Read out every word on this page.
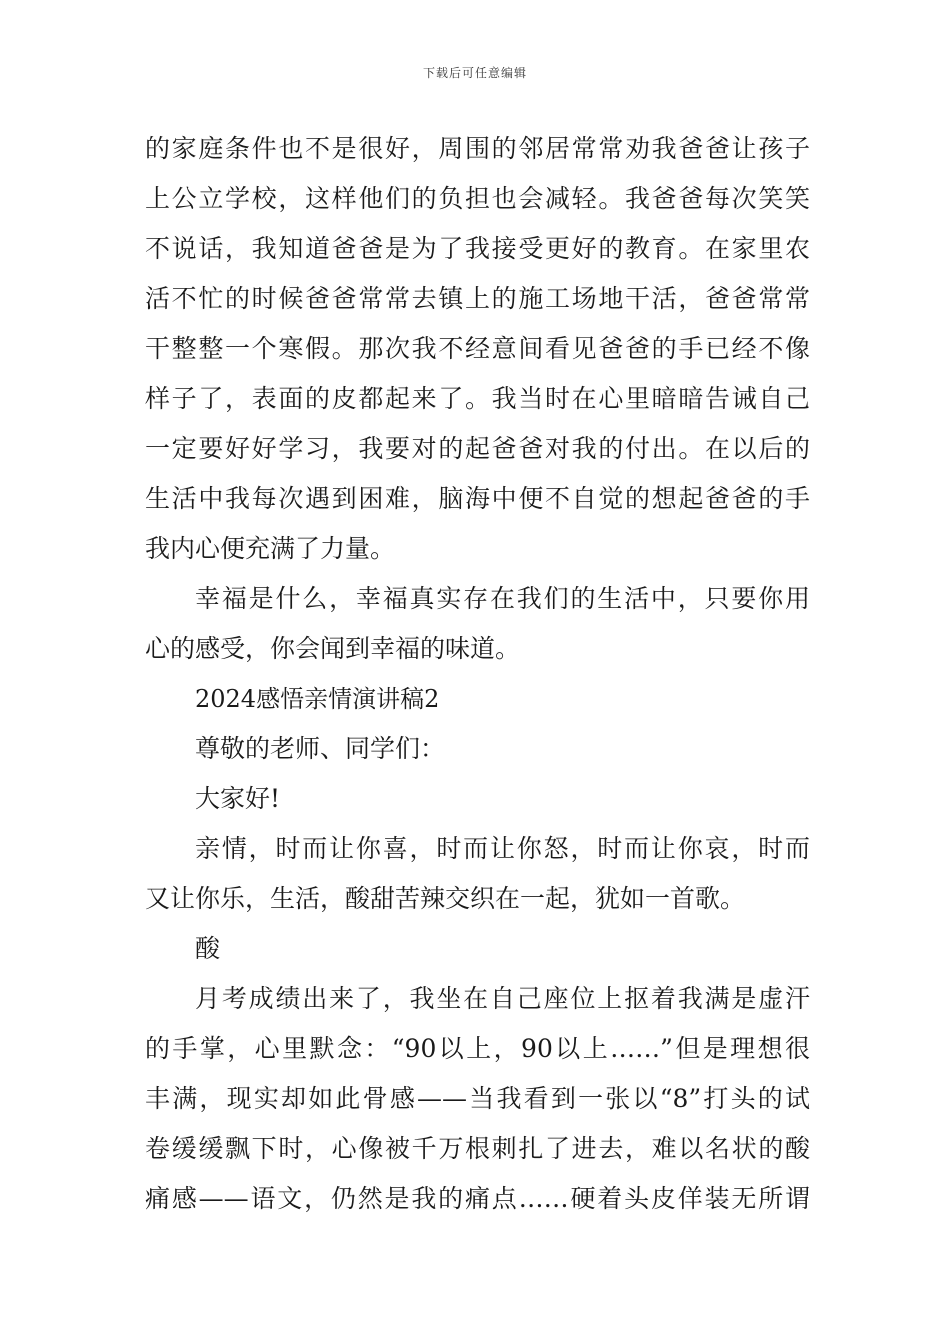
下载后可任意编辑
的家庭条件也不是很好，周围的邻居常常劝我爸爸让孩子
上公立学校，这样他们的负担也会减轻。我爸爸每次笑笑
不说话，我知道爸爸是为了我接受更好的教育。在家里农
活不忙的时候爸爸常常去镇上的施工场地干活，爸爸常常
干整整一个寒假。那次我不经意间看见爸爸的手已经不像
样子了，表面的皮都起来了。我当时在心里暗暗告诫自己
一定要好好学习，我要对的起爸爸对我的付出。在以后的
生活中我每次遇到困难，脑海中便不自觉的想起爸爸的手
我内心便充满了力量。
幸福是什么，幸福真实存在我们的生活中，只要你用
心的感受，你会闻到幸福的味道。
2024感悟亲情演讲稿2
尊敬的老师、同学们：
大家好!
亲情，时而让你喜，时而让你怒，时而让你哀，时而
又让你乐，生活，酸甜苦辣交织在一起，犹如一首歌。
酸
月考成绩出来了，我坐在自己座位上抠着我满是虚汗
的手掌，心里默念：“90以上，90以上……”但是理想很
丰满，现实却如此骨感——当我看到一张以“8”打头的试
卷缓缓飘下时，心像被千万根刺扎了进去，难以名状的酸
痛感——语文，仍然是我的痛点……硬着头皮佯装无所谓
